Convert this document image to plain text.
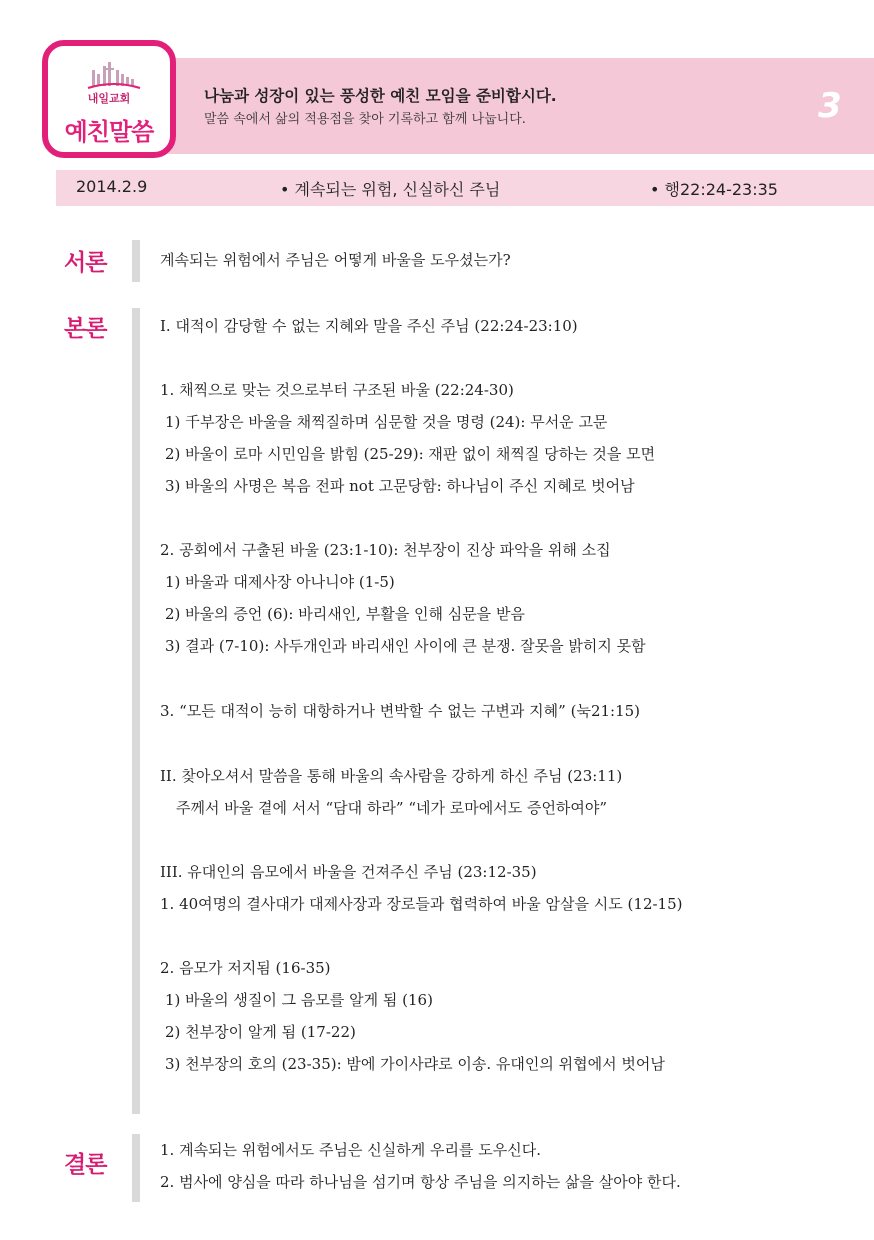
내일교회
예친말씀
나눔과 성장이 있는 풍성한 예친 모임을 준비합시다.
말씀 속에서 삶의 적용점을 찾아 기록하고 함께 나눕니다.	3
2014.2.9	• 계속되는 위험, 신실하신 주님	• 행22:24-23:35
서론	계속되는 위험에서 주님은 어떻게 바울을 도우셨는가?
본론	I. 대적이 감당할 수 없는 지혜와 말을 주신 주님 (22:24-23:10)
1. 채찍으로 맞는 것으로부터 구조된 바울 (22:24-30)
1) 千부장은 바울을 채찍질하며 심문할 것을 명령 (24): 무서운 고문
2) 바울이 로마 시민임을 밝힘 (25-29): 재판 없이 채찍질 당하는 것을 모면
3) 바울의 사명은 복음 전파 not 고문당함: 하나님이 주신 지혜로 벗어남
2. 공회에서 구출된 바울 (23:1-10): 천부장이 진상 파악을 위해 소집
1) 바울과 대제사장 아나니야 (1-5)
2) 바울의 증언 (6): 바리새인, 부활을 인해 심문을 받음
3) 결과 (7-10): 사두개인과 바리새인 사이에 큰 분쟁. 잘못을 밝히지 못함
3. “모든 대적이 능히 대항하거나 변박할 수 없는 구변과 지혜” (눅21:15)
II. 찾아오셔서 말씀을 통해 바울의 속사람을 강하게 하신 주님 (23:11)
주께서 바울 곁에 서서 “담대 하라” “네가 로마에서도 증언하여야”
III. 유대인의 음모에서 바울을 건져주신 주님 (23:12-35)
1. 40여명의 결사대가 대제사장과 장로들과 협력하여 바울 암살을 시도 (12-15)
2. 음모가 저지됨 (16-35)
1) 바울의 생질이 그 음모를 알게 됨 (16)
2) 천부장이 알게 됨 (17-22)
3) 천부장의 호의 (23-35): 밤에 가이사랴로 이송. 유대인의 위협에서 벗어남
결론
1. 계속되는 위험에서도 주님은 신실하게 우리를 도우신다.
2. 범사에 양심을 따라 하나님을 섬기며 항상 주님을 의지하는 삶을 살아야 한다.
